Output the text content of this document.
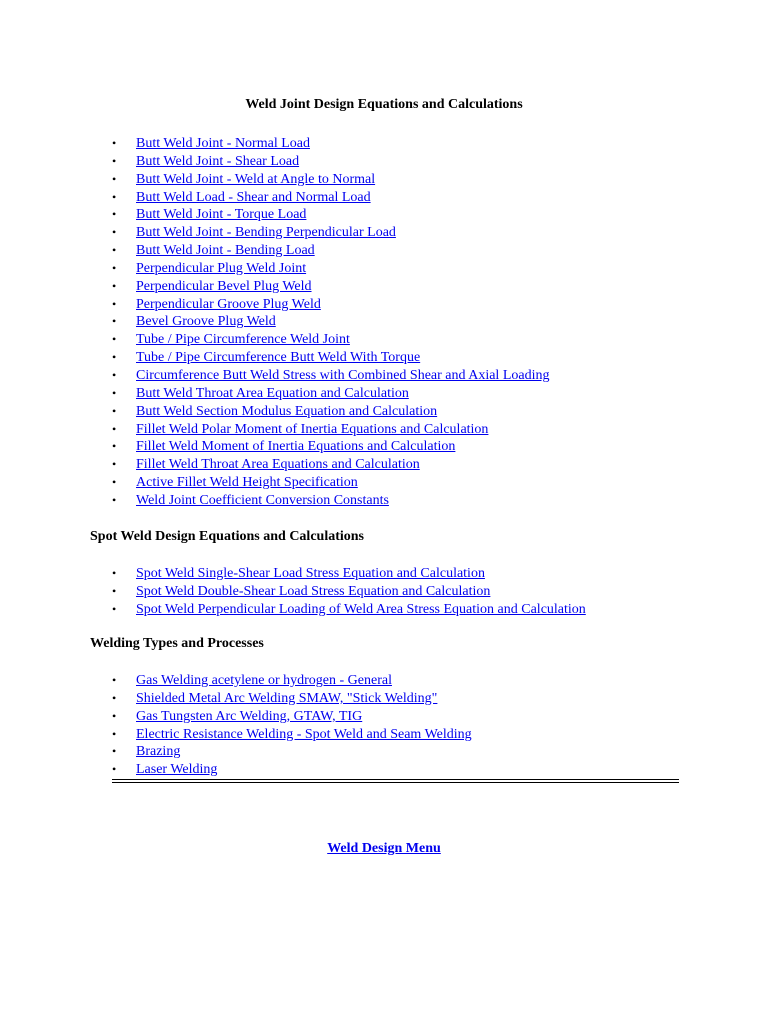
Weld Joint Design Equations and Calculations
•	Butt Weld Joint - Normal Load
•	Butt Weld Joint - Shear Load
•	Butt Weld Joint - Weld at Angle to Normal
•	Butt Weld Load - Shear and Normal Load
•	Butt Weld Joint - Torque Load
•	Butt Weld Joint - Bending Perpendicular Load
•	Butt Weld Joint - Bending Load
•	Perpendicular Plug Weld Joint
•	Perpendicular Bevel Plug Weld
•	Perpendicular Groove Plug Weld
•	Bevel Groove Plug Weld
•	Tube / Pipe Circumference Weld Joint
•	Tube / Pipe Circumference Butt Weld With Torque
•	Circumference Butt Weld Stress with Combined Shear and Axial Loading
•	Butt Weld Throat Area Equation and Calculation
•	Butt Weld Section Modulus Equation and Calculation
•	Fillet Weld Polar Moment of Inertia Equations and Calculation
•	Fillet Weld Moment of Inertia Equations and Calculation
•	Fillet Weld Throat Area Equations and Calculation
•	Active Fillet Weld Height Specification
•	Weld Joint Coefficient Conversion Constants
Spot Weld Design Equations and Calculations
•	Spot Weld Single-Shear Load Stress Equation and Calculation
•	Spot Weld Double-Shear Load Stress Equation and Calculation
•	Spot Weld Perpendicular Loading of Weld Area Stress Equation and Calculation
Welding Types and Processes
•	Gas Welding acetylene or hydrogen - General
•	Shielded Metal Arc Welding SMAW, "Stick Welding"
•	Gas Tungsten Arc Welding, GTAW, TIG
•	Electric Resistance Welding - Spot Weld and Seam Welding
•	Brazing
•	Laser Welding
Weld Design Menu
